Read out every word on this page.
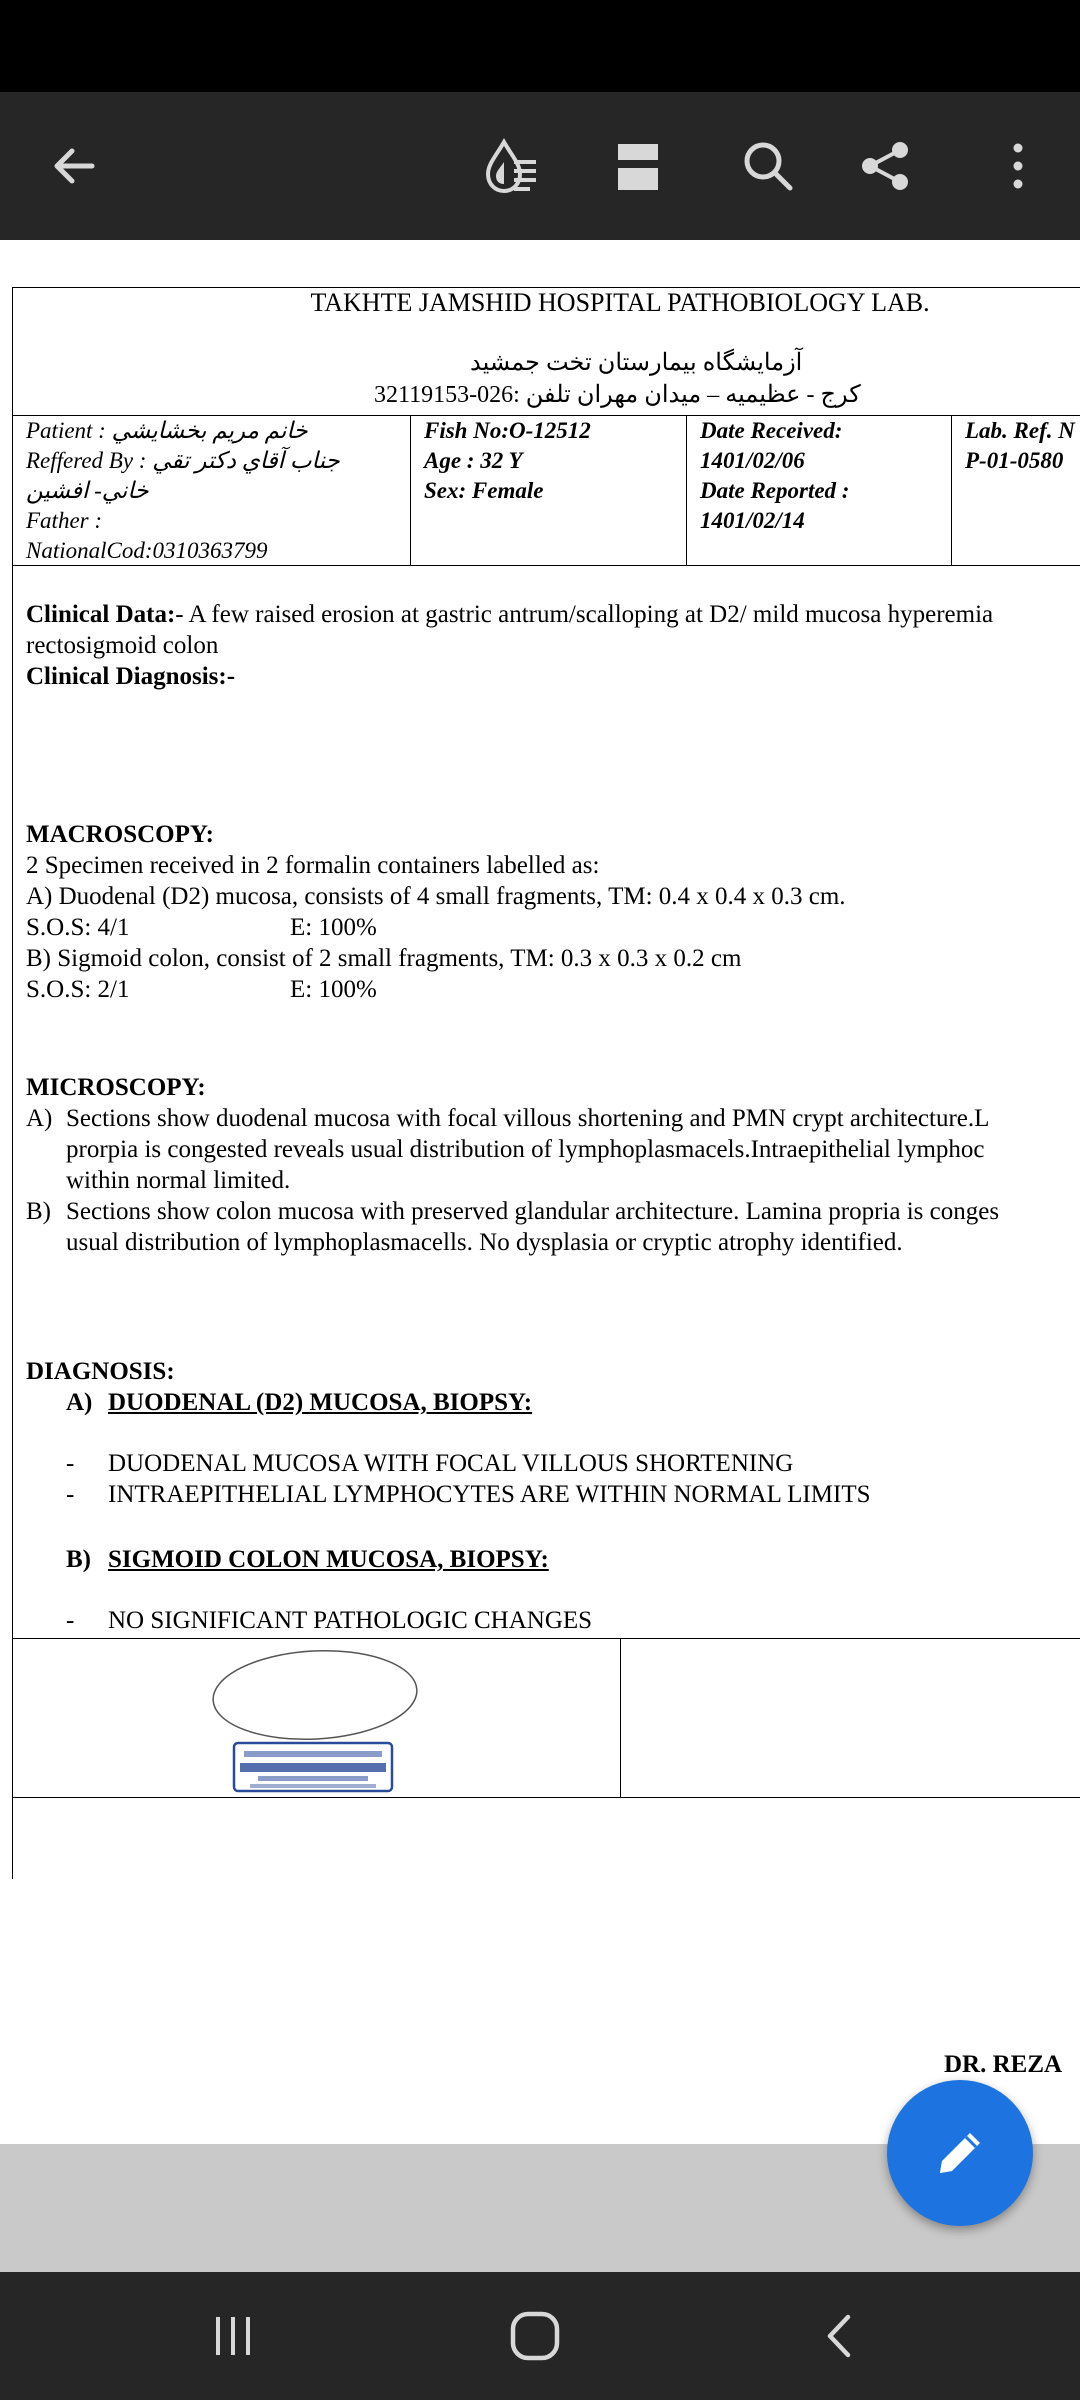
TAKHTE JAMSHID HOSPITAL PATHOBIOLOGY LAB.
آزمايشگاه بيمارستان تخت جمشيد
كرج - عظيميه – ميدان مهران تلفن :026-32119153
Patient : خانم مريم بخشايشي
Reffered By : جناب آقاي دكتر تقي
خاني- افشين
Father :
NationalCod:0310363799
Fish No:O-12512
Age : 32 Y
Sex: Female
Date Received:
1401/02/06
Date Reported :
1401/02/14
Lab. Ref. N
P-01-0580
Clinical Data:- A few raised erosion at gastric antrum/scalloping at D2/ mild mucosa hyperemia
rectosigmoid colon
Clinical Diagnosis:-
MACROSCOPY:
2 Specimen received in 2 formalin containers labelled as:
A) Duodenal (D2) mucosa, consists of 4 small fragments, TM: 0.4 x 0.4 x 0.3 cm.
S.O.S: 4/1	E: 100%
B) Sigmoid colon, consist of 2 small fragments, TM: 0.3 x 0.3 x 0.2 cm
S.O.S: 2/1	E: 100%
MICROSCOPY:
A) Sections show duodenal mucosa with focal villous shortening and PMN crypt architecture.L
prorpia is congested reveals usual distribution of lymphoplasmacels.Intraepithelial lymphoc
within normal limited.
B) Sections show colon mucosa with preserved glandular architecture. Lamina propria is conges
usual distribution of lymphoplasmacells. No dysplasia or cryptic atrophy identified.
DIAGNOSIS:
A) DUODENAL (D2) MUCOSA, BIOPSY:
- DUODENAL MUCOSA WITH FOCAL VILLOUS SHORTENING
- INTRAEPITHELIAL LYMPHOCYTES ARE WITHIN NORMAL LIMITS
B) SIGMOID COLON MUCOSA, BIOPSY:
- NO SIGNIFICANT PATHOLOGIC CHANGES
DR. REZA
